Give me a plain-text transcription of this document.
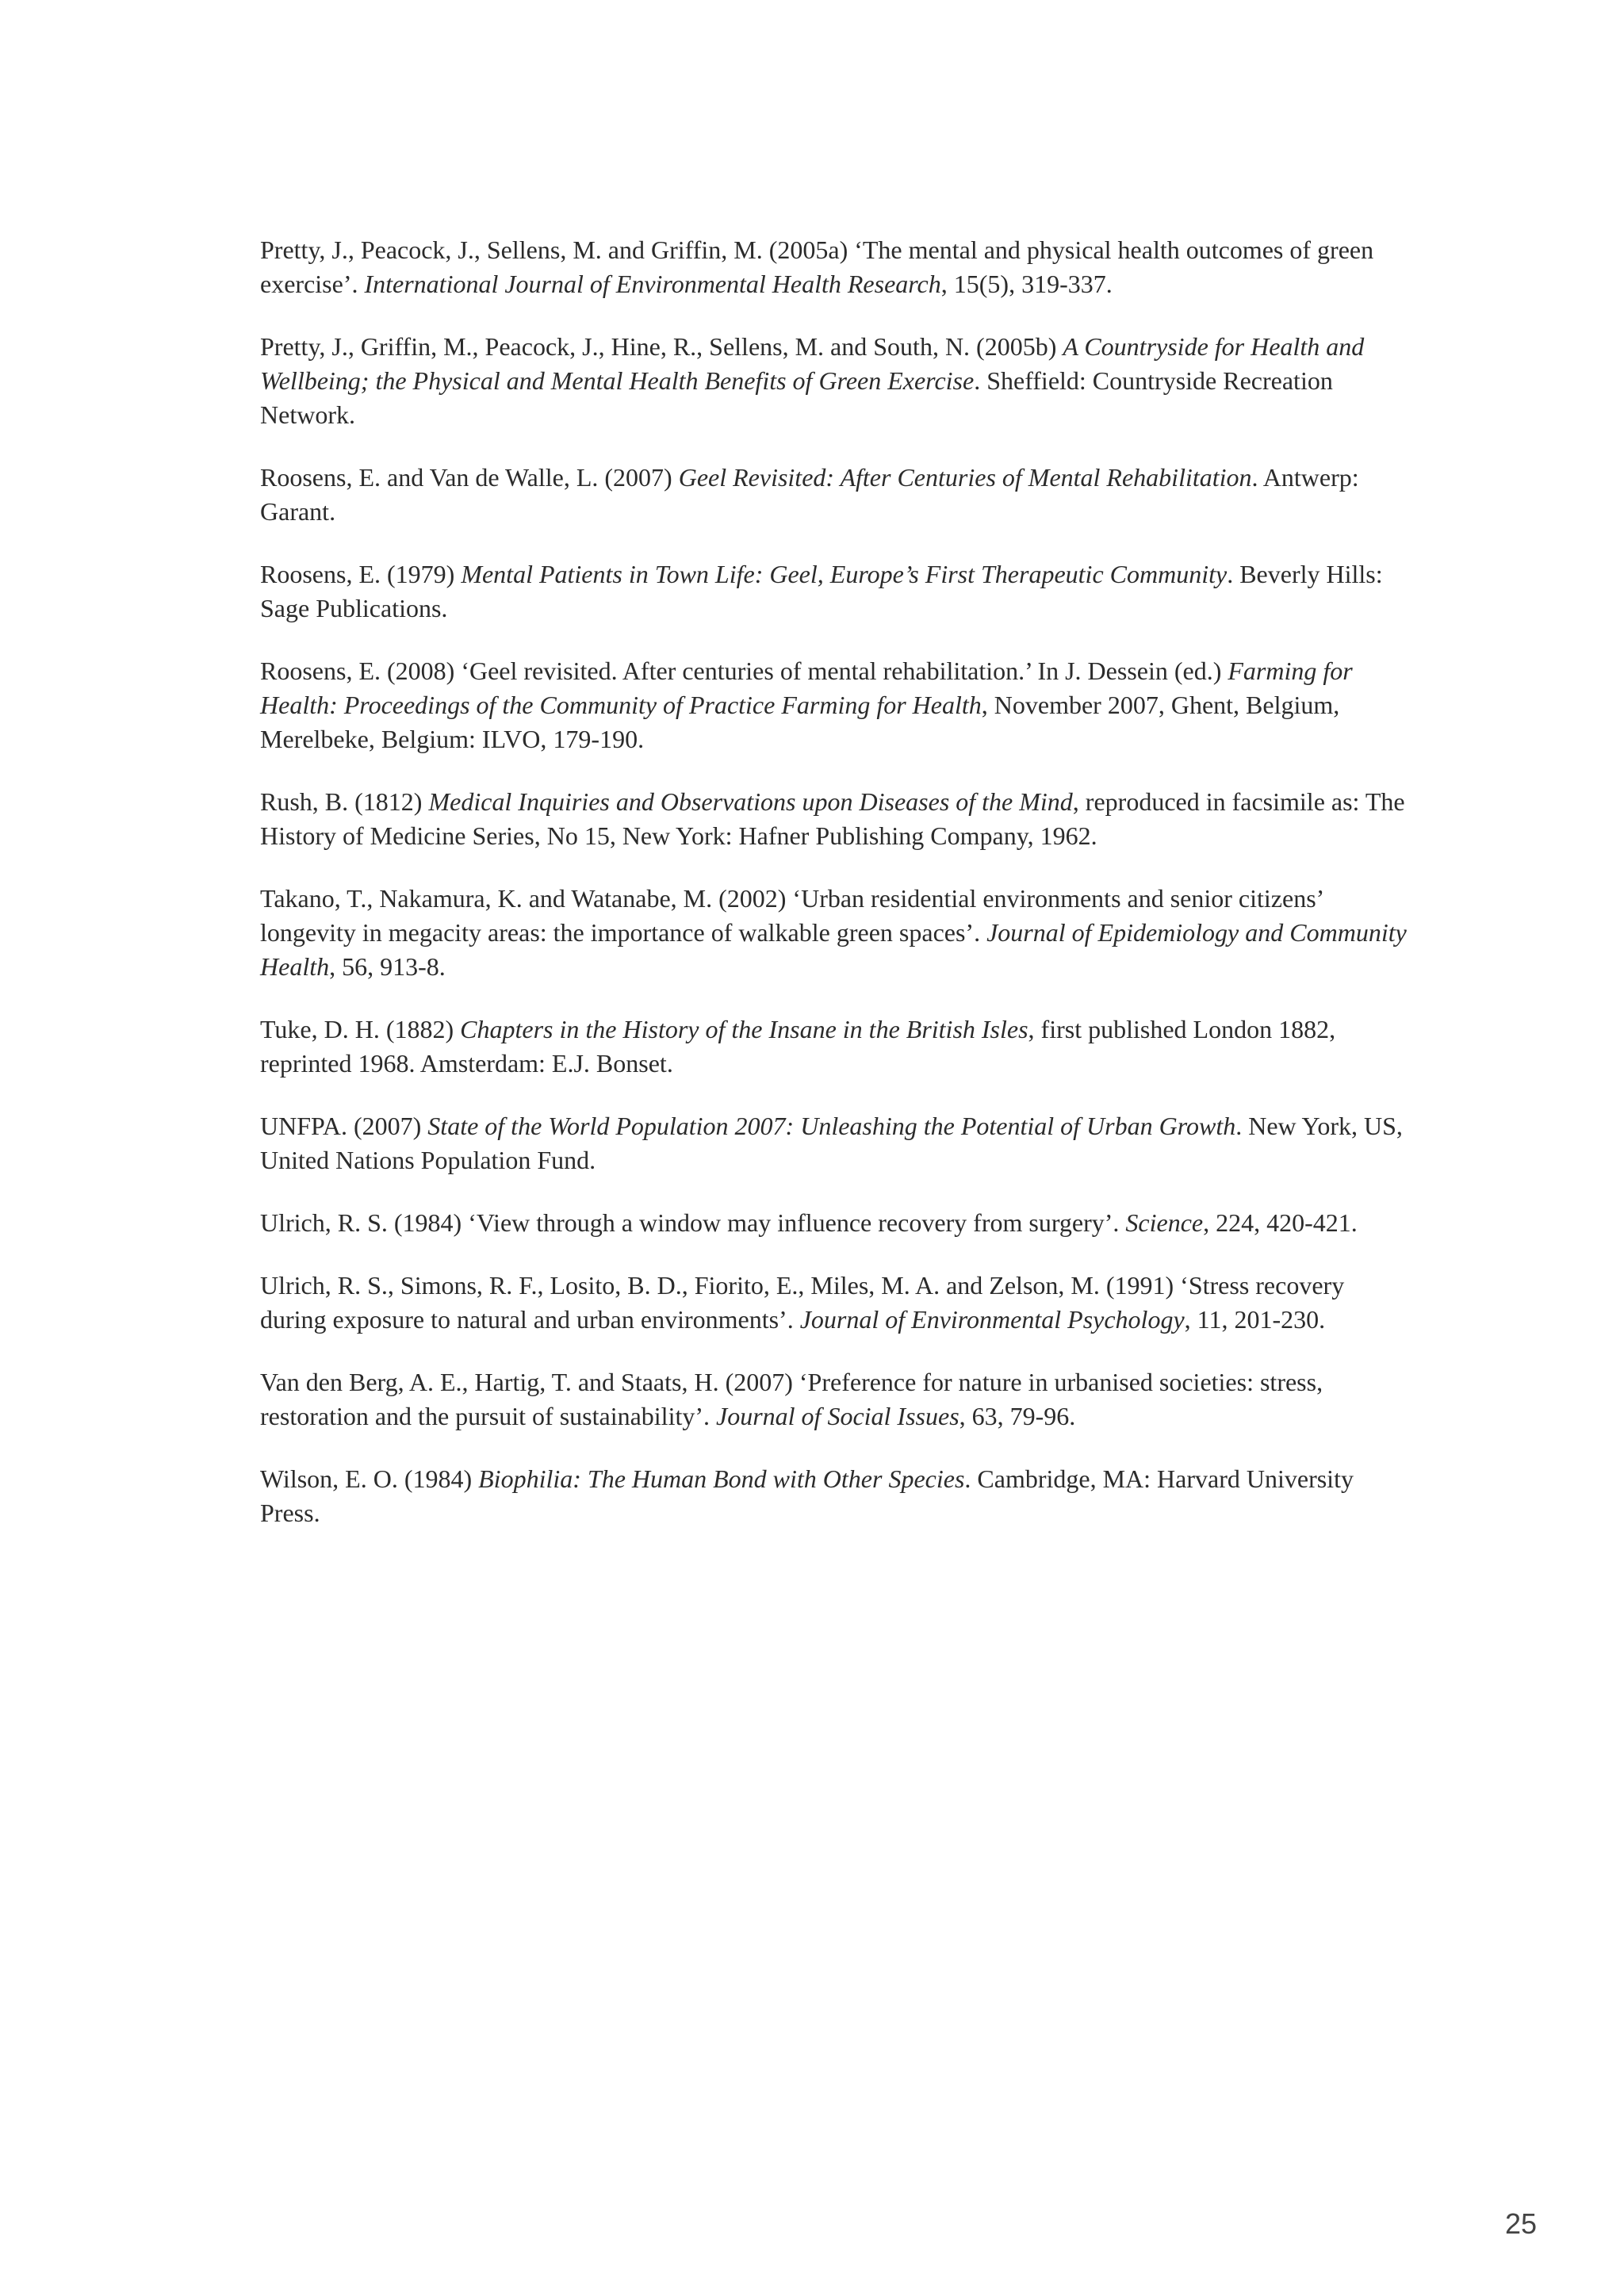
Pretty, J., Peacock, J., Sellens, M. and Griffin, M. (2005a) ‘The mental and physical health outcomes of green exercise’. International Journal of Environmental Health Research, 15(5), 319-337.

Pretty, J., Griffin, M., Peacock, J., Hine, R., Sellens, M. and South, N. (2005b) A Countryside for Health and Wellbeing; the Physical and Mental Health Benefits of Green Exercise. Sheffield: Countryside Recreation Network.

Roosens, E. and Van de Walle, L. (2007) Geel Revisited: After Centuries of Mental Rehabilitation. Antwerp: Garant.

Roosens, E. (1979) Mental Patients in Town Life: Geel, Europe’s First Therapeutic Community. Beverly Hills: Sage Publications.

Roosens, E. (2008) ‘Geel revisited. After centuries of mental rehabilitation.’ In J. Dessein (ed.) Farming for Health: Proceedings of the Community of Practice Farming for Health, November 2007, Ghent, Belgium, Merelbeke, Belgium: ILVO, 179-190.

Rush, B. (1812) Medical Inquiries and Observations upon Diseases of the Mind, reproduced in facsimile as: The History of Medicine Series, No 15, New York: Hafner Publishing Company, 1962.

Takano, T., Nakamura, K. and Watanabe, M. (2002) ‘Urban residential environments and senior citizens’ longevity in megacity areas: the importance of walkable green spaces’. Journal of Epidemiology and Community Health, 56, 913-8.

Tuke, D. H. (1882) Chapters in the History of the Insane in the British Isles, first published London 1882, reprinted 1968. Amsterdam: E.J. Bonset.

UNFPA. (2007) State of the World Population 2007: Unleashing the Potential of Urban Growth. New York, US, United Nations Population Fund.

Ulrich, R. S. (1984) ‘View through a window may influence recovery from surgery’. Science, 224, 420-421.

Ulrich, R. S., Simons, R. F., Losito, B. D., Fiorito, E., Miles, M. A. and Zelson, M. (1991) ‘Stress recovery during exposure to natural and urban environments’. Journal of Environmental Psychology, 11, 201-230.

Van den Berg, A. E., Hartig, T. and Staats, H. (2007) ‘Preference for nature in urbanised societies: stress, restoration and the pursuit of sustainability’. Journal of Social Issues, 63, 79-96.

Wilson, E. O. (1984) Biophilia: The Human Bond with Other Species. Cambridge, MA: Harvard University Press.

25
